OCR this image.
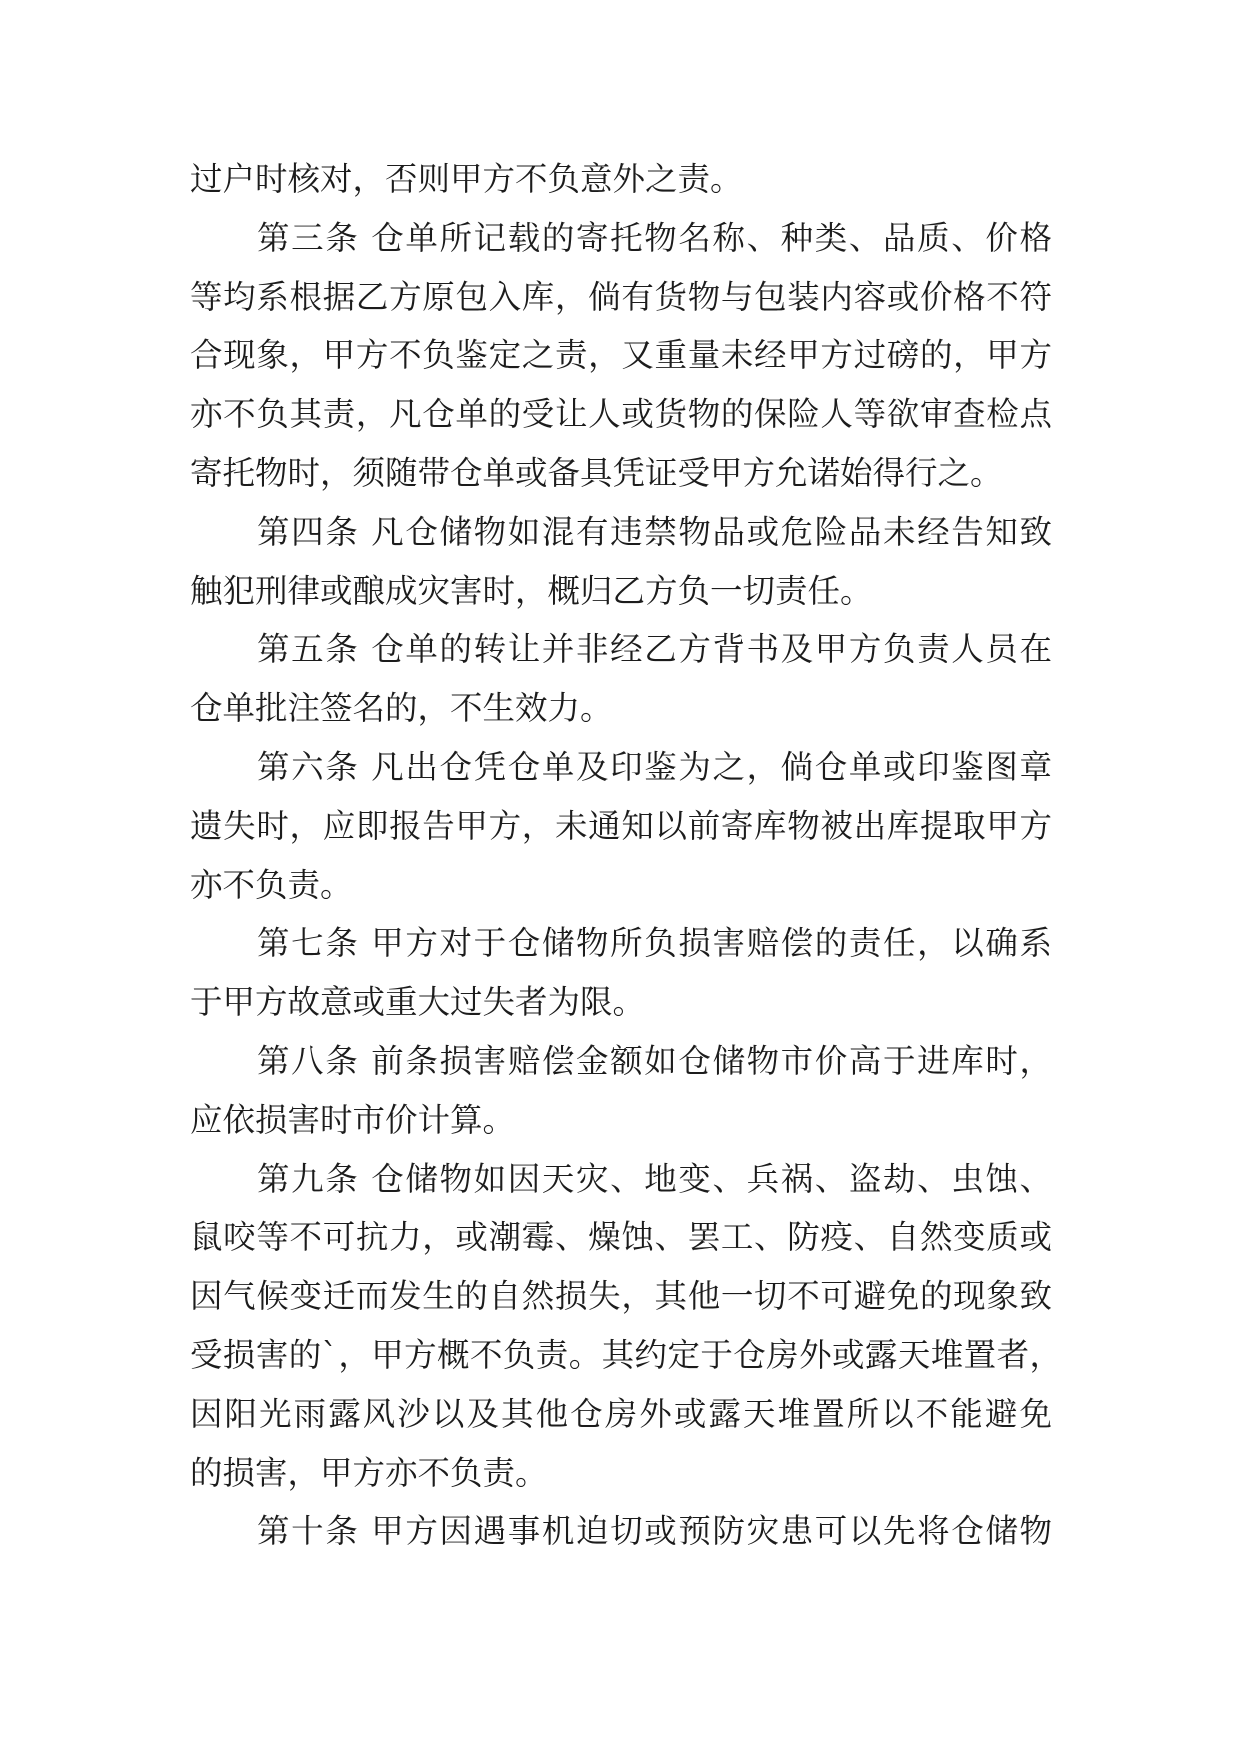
过户时核对，否则甲方不负意外之责。
第三条 仓单所记载的寄托物名称、种类、品质、价格
等均系根据乙方原包入库，倘有货物与包装内容或价格不符
合现象，甲方不负鉴定之责，又重量未经甲方过磅的，甲方
亦不负其责，凡仓单的受让人或货物的保险人等欲审查检点
寄托物时，须随带仓单或备具凭证受甲方允诺始得行之。
第四条 凡仓储物如混有违禁物品或危险品未经告知致
触犯刑律或酿成灾害时，概归乙方负一切责任。
第五条 仓单的转让并非经乙方背书及甲方负责人员在
仓单批注签名的，不生效力。
第六条 凡出仓凭仓单及印鉴为之，倘仓单或印鉴图章
遗失时，应即报告甲方，未通知以前寄库物被出库提取甲方
亦不负责。
第七条 甲方对于仓储物所负损害赔偿的责任，以确系
于甲方故意或重大过失者为限。
第八条 前条损害赔偿金额如仓储物市价高于进库时，
应依损害时市价计算。
第九条 仓储物如因天灾、地变、兵祸、盗劫、虫蚀、
鼠咬等不可抗力，或潮霉、燥蚀、罢工、防疫、自然变质或
因气候变迁而发生的自然损失，其他一切不可避免的现象致
受损害的`，甲方概不负责。其约定于仓房外或露天堆置者，
因阳光雨露风沙以及其他仓房外或露天堆置所以不能避免
的损害，甲方亦不负责。
第十条 甲方因遇事机迫切或预防灾患可以先将仓储物
